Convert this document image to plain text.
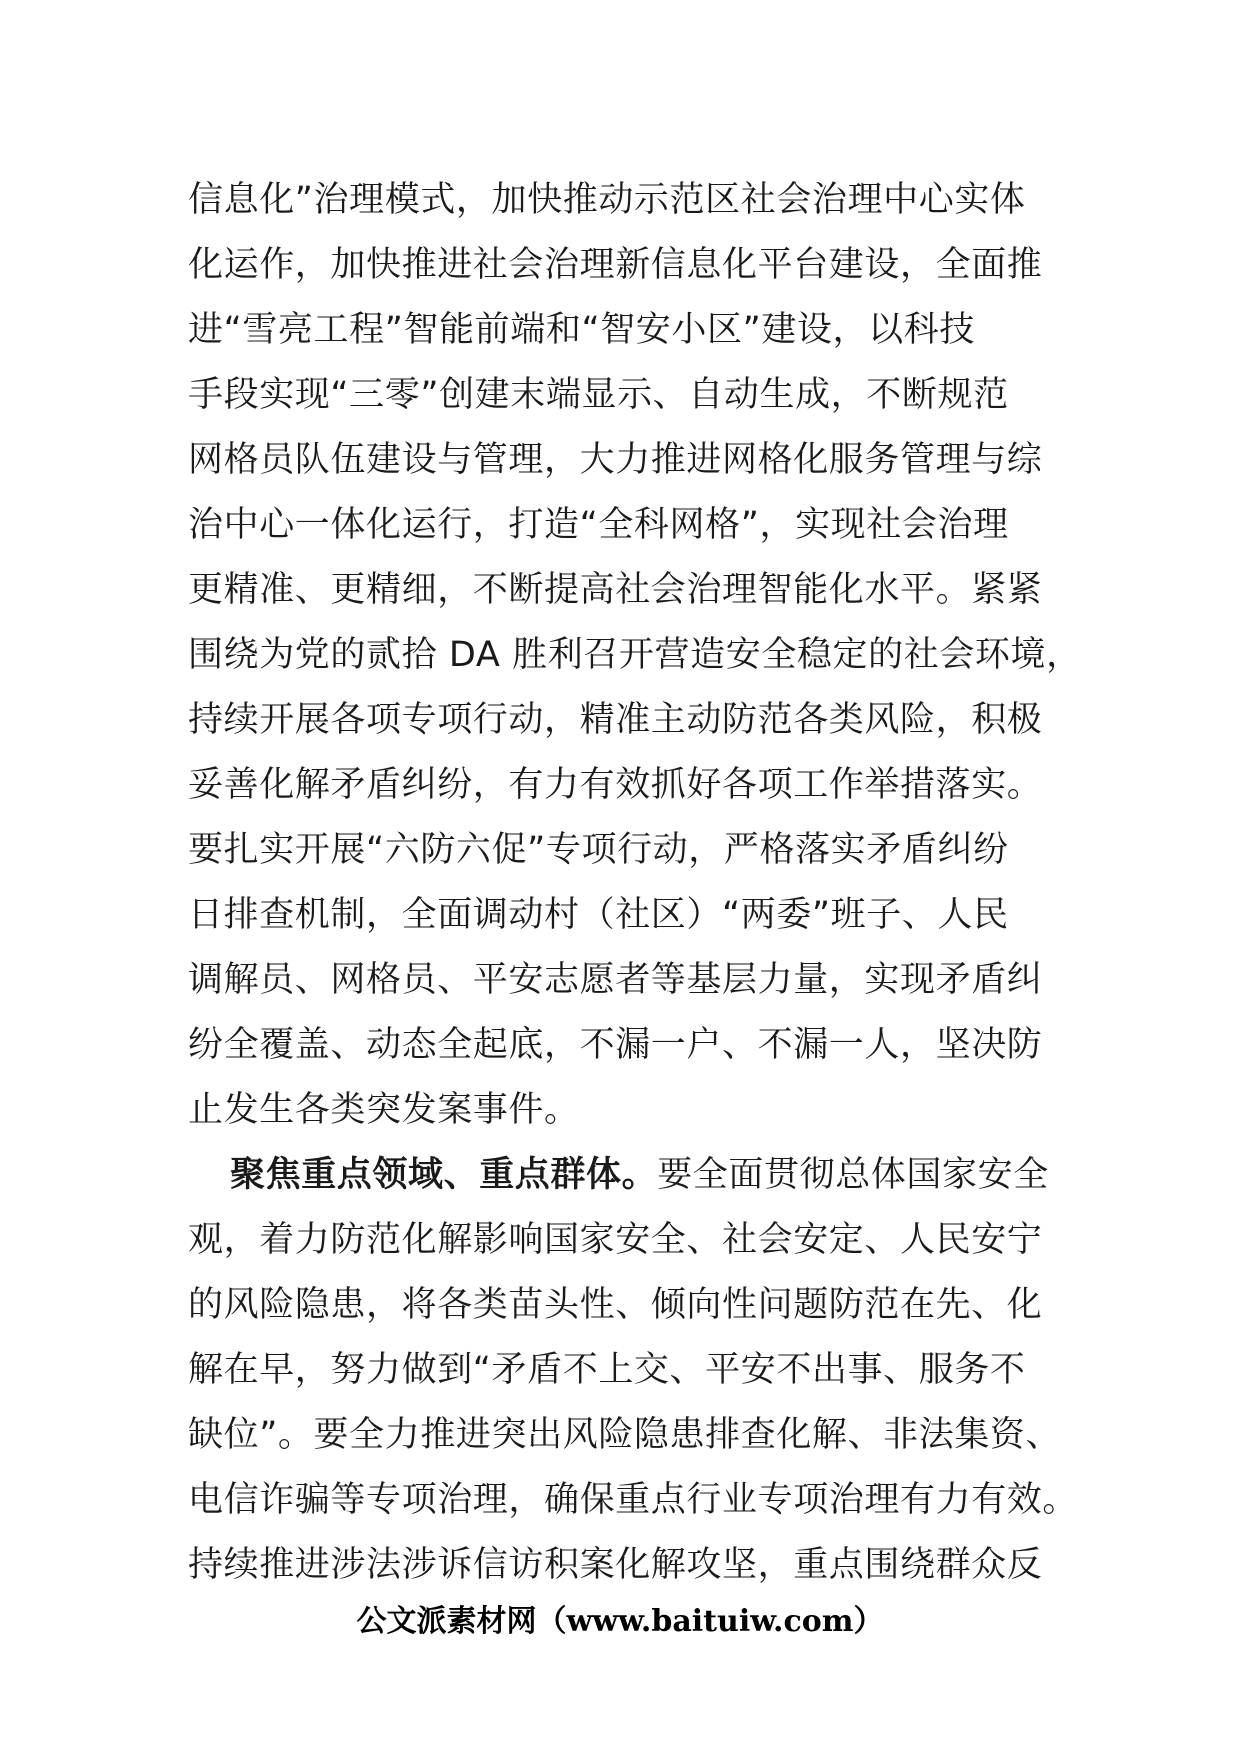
信息化”治理模式，加快推动示范区社会治理中心实体
化运作，加快推进社会治理新信息化平台建设，全面推
进“雪亮工程”智能前端和“智安小区”建设，以科技
手段实现“三零”创建末端显示、自动生成，不断规范
网格员队伍建设与管理，大力推进网格化服务管理与综
治中心一体化运行，打造“全科网格”，实现社会治理
更精准、更精细，不断提高社会治理智能化水平。紧紧
围绕为党的贰拾 DA 胜利召开营造安全稳定的社会环境，
持续开展各项专项行动，精准主动防范各类风险，积极
妥善化解矛盾纠纷，有力有效抓好各项工作举措落实。
要扎实开展“六防六促”专项行动，严格落实矛盾纠纷
日排查机制，全面调动村（社区）“两委”班子、人民
调解员、网格员、平安志愿者等基层力量，实现矛盾纠
纷全覆盖、动态全起底，不漏一户、不漏一人，坚决防
止发生各类突发案事件。
聚焦重点领域、重点群体。要全面贯彻总体国家安全
观，着力防范化解影响国家安全、社会安定、人民安宁
的风险隐患，将各类苗头性、倾向性问题防范在先、化
解在早，努力做到“矛盾不上交、平安不出事、服务不
缺位”。要全力推进突出风险隐患排查化解、非法集资、
电信诈骗等专项治理，确保重点行业专项治理有力有效。
持续推进涉法涉诉信访积案化解攻坚，重点围绕群众反
公文派素材网（www.baituiw.com）
